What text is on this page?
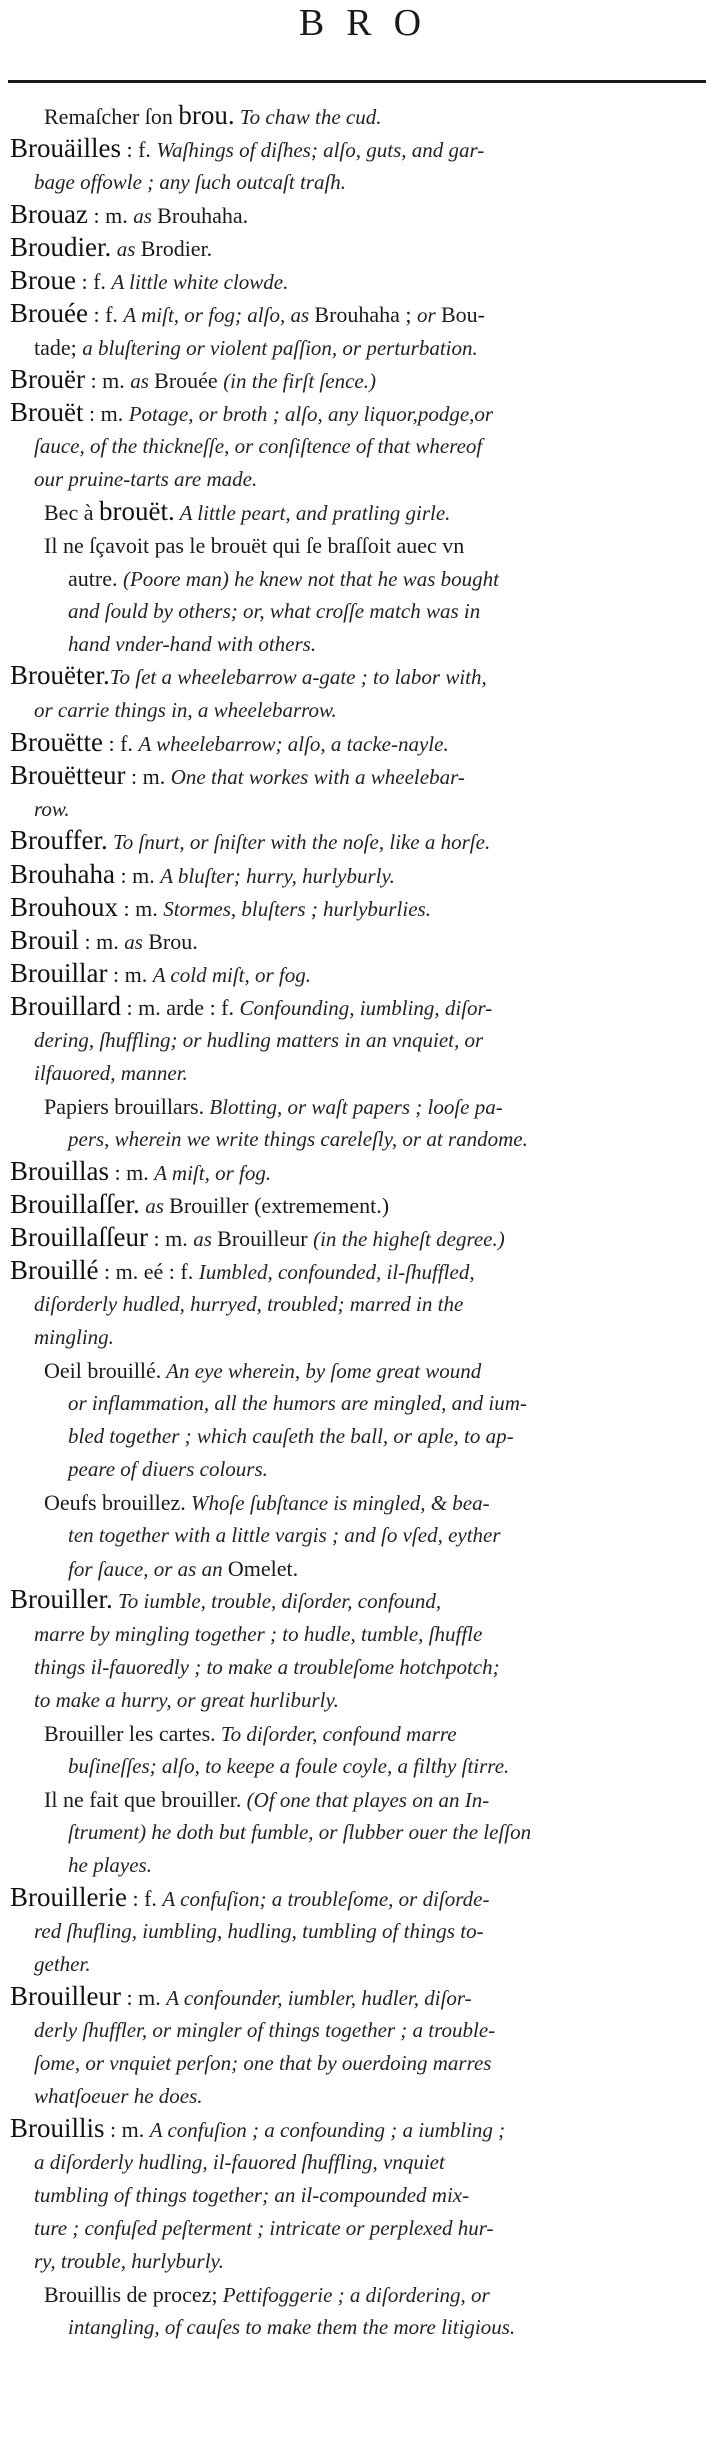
BRO
Remaſcher ſon brou. To chaw the cud.
Brouäilles : f. Waſhings of diſhes; alſo, guts, and gar-
bage offowle ; any ſuch outcaſt traſh.
Brouaz : m. as Brouhaha.
Broudier. as Brodier.
Broue : f. A little white clowde.
Brouée : f. A miſt, or fog; alſo, as Brouhaha ; or Bou-
tade; a bluſtering or violent paſſion, or perturbation.
Brouër : m. as Brouée (in the firſt ſence.)
Brouët : m. Potage, or broth ; alſo, any liquor,podge,or
ſauce, of the thickneſſe, or conſiſtence of that whereof
our pruine-tarts are made.
Bec à brouët. A little peart, and pratling girle.
Il ne ſçavoit pas le brouët qui ſe braſſoit auec vn
autre. (Poore man) he knew not that he was bought
and ſould by others; or, what croſſe match was in
hand vnder-hand with others.
Brouëter.To ſet a wheelebarrow a-gate ; to labor with,
or carrie things in, a wheelebarrow.
Brouëtte : f. A wheelebarrow; alſo, a tacke-nayle.
Brouëtteur : m. One that workes with a wheelebar-
row.
Brouffer. To ſnurt, or ſniſter with the noſe, like a horſe.
Brouhaha : m. A bluſter; hurry, hurlyburly.
Brouhoux : m. Stormes, bluſters ; hurlyburlies.
Brouil : m. as Brou.
Brouillar : m. A cold miſt, or fog.
Brouillard : m. arde : f. Confounding, iumbling, diſor-
dering, ſhuffling; or hudling matters in an vnquiet, or
ilfauored, manner.
Papiers brouillars. Blotting, or waſt papers ; looſe pa-
pers, wherein we write things careleſly, or at randome.
Brouillas : m. A miſt, or fog.
Brouillaſſer. as Brouiller (extremement.)
Brouillaſſeur : m. as Brouilleur (in the higheſt degree.)
Brouillé : m. eé : f. Iumbled, confounded, il-ſhuffled,
diſorderly hudled, hurryed, troubled; marred in the
mingling.
Oeil brouillé. An eye wherein, by ſome great wound
or inflammation, all the humors are mingled, and ium-
bled together ; which cauſeth the ball, or aple, to ap-
peare of diuers colours.
Oeufs brouillez. Whoſe ſubſtance is mingled, & bea-
ten together with a little vargis ; and ſo vſed, eyther
for ſauce, or as an Omelet.
Brouiller. To iumble, trouble, diſorder, confound,
marre by mingling together ; to hudle, tumble, ſhuffle
things il-fauoredly ; to make a troubleſome hotchpotch;
to make a hurry, or great hurliburly.
Brouiller les cartes. To diſorder, confound marre
buſineſſes; alſo, to keepe a foule coyle, a filthy ſtirre.
Il ne fait que brouiller. (Of one that playes on an In-
ſtrument) he doth but fumble, or ſlubber ouer the leſſon
he playes.
Brouillerie : f. A confuſion; a troubleſome, or diſorde-
red ſhufling, iumbling, hudling, tumbling of things to-
gether.
Brouilleur : m. A confounder, iumbler, hudler, diſor-
derly ſhuffler, or mingler of things together ; a trouble-
ſome, or vnquiet perſon; one that by ouerdoing marres
whatſoeuer he does.
Brouillis : m. A confuſion ; a confounding ; a iumbling ;
a diſorderly hudling, il-fauored ſhuffling, vnquiet
tumbling of things together; an il-compounded mix-
ture ; confuſed peſterment ; intricate or perplexed hur-
ry, trouble, hurlyburly.
Brouillis de procez; Pettifoggerie ; a diſordering, or
intangling, of cauſes to make them the more litigious.
